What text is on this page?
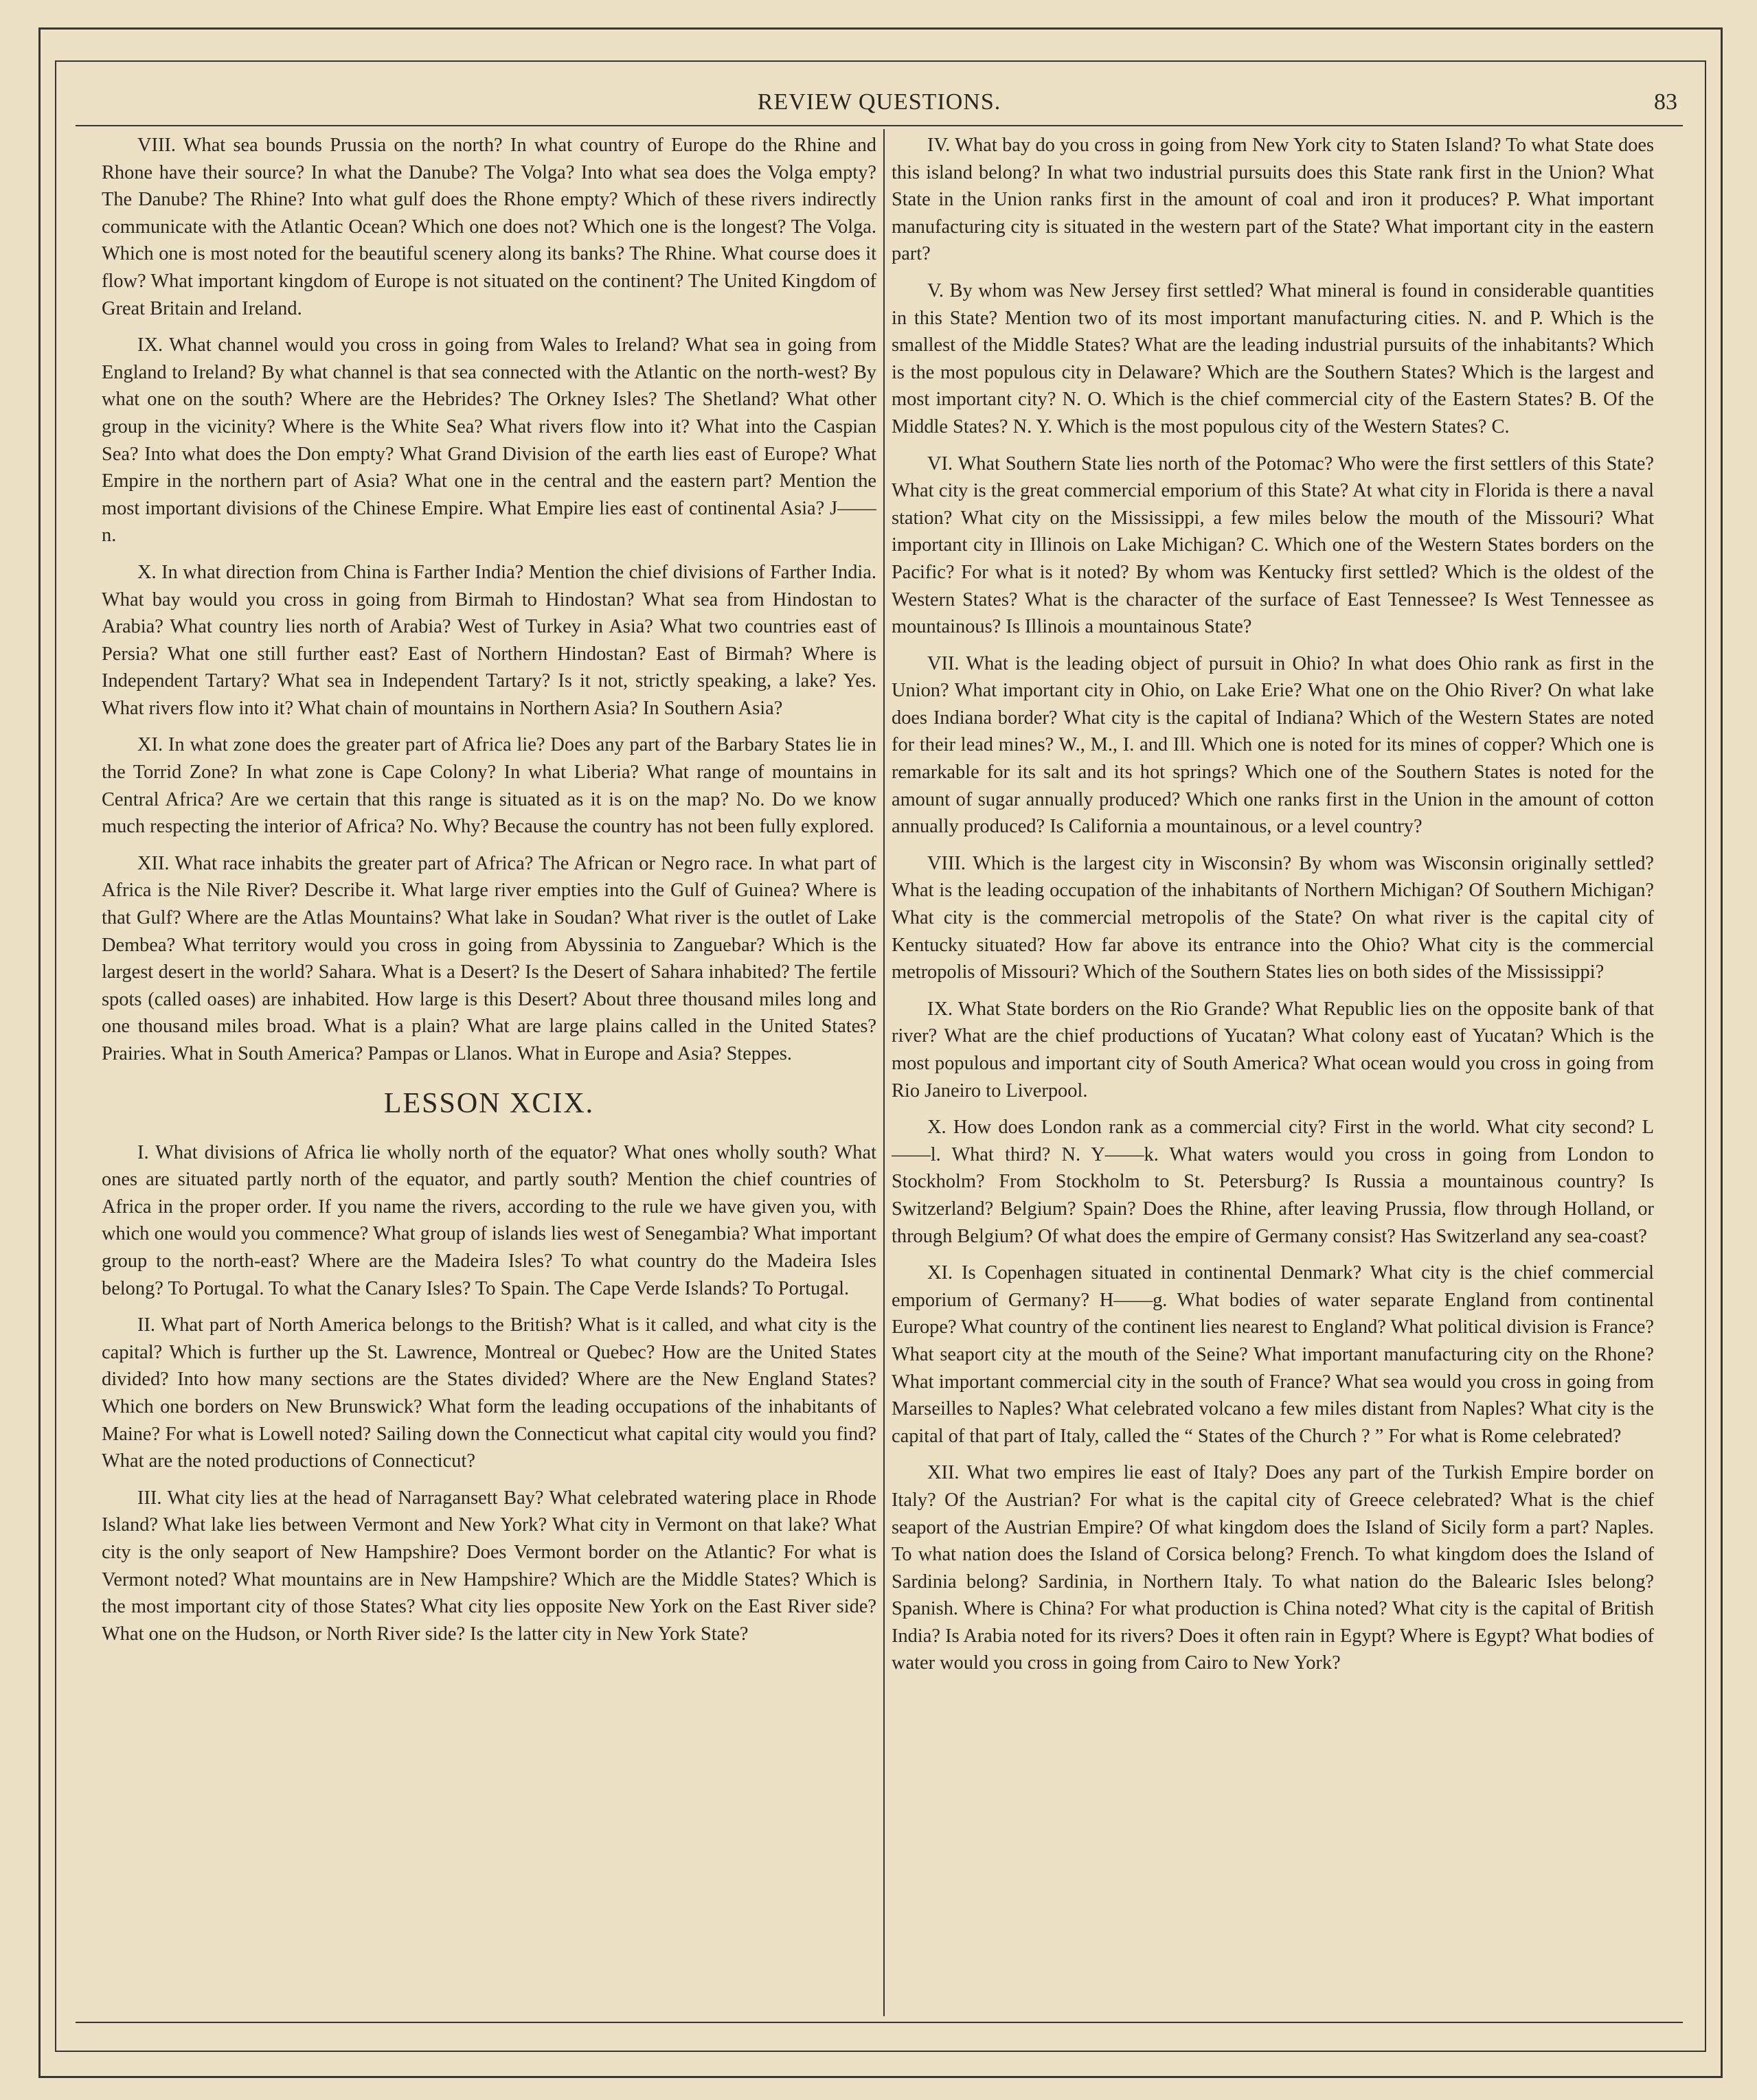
REVIEW QUESTIONS.	83

VIII. What sea bounds Prussia on the north? In what country of Europe do the Rhine and Rhone have their source? In what the Danube? The Volga? Into what sea does the Volga empty? The Danube? The Rhine? Into what gulf does the Rhone empty? Which of these rivers indirectly communicate with the Atlantic Ocean? Which one does not? Which one is the longest? The Volga. Which one is most noted for the beautiful scenery along its banks? The Rhine. What course does it flow? What important kingdom of Europe is not situated on the continent? The United Kingdom of Great Britain and Ireland.

IX. What channel would you cross in going from Wales to Ireland? What sea in going from England to Ireland? By what channel is that sea connected with the Atlantic on the north-west? By what one on the south? Where are the Hebrides? The Orkney Isles? The Shetland? What other group in the vicinity? Where is the White Sea? What rivers flow into it? What into the Caspian Sea? Into what does the Don empty? What Grand Division of the earth lies east of Europe? What Empire in the northern part of Asia? What one in the central and the eastern part? Mention the most important divisions of the Chinese Empire. What Empire lies east of continental Asia? J——n.

X. In what direction from China is Farther India? Mention the chief divisions of Farther India. What bay would you cross in going from Birmah to Hindostan? What sea from Hindostan to Arabia? What country lies north of Arabia? West of Turkey in Asia? What two countries east of Persia? What one still further east? East of Northern Hindostan? East of Birmah? Where is Independent Tartary? What sea in Independent Tartary? Is it not, strictly speaking, a lake? Yes. What rivers flow into it? What chain of mountains in Northern Asia? In Southern Asia?

XI. In what zone does the greater part of Africa lie? Does any part of the Barbary States lie in the Torrid Zone? In what zone is Cape Colony? In what Liberia? What range of mountains in Central Africa? Are we certain that this range is situated as it is on the map? No. Do we know much respecting the interior of Africa? No. Why? Because the country has not been fully explored.

XII. What race inhabits the greater part of Africa? The African or Negro race. In what part of Africa is the Nile River? Describe it. What large river empties into the Gulf of Guinea? Where is that Gulf? Where are the Atlas Mountains? What lake in Soudan? What river is the outlet of Lake Dembea? What territory would you cross in going from Abyssinia to Zanguebar? Which is the largest desert in the world? Sahara. What is a Desert? Is the Desert of Sahara inhabited? The fertile spots (called oases) are inhabited. How large is this Desert? About three thousand miles long and one thousand miles broad. What is a plain? What are large plains called in the United States? Prairies. What in South America? Pampas or Llanos. What in Europe and Asia? Steppes.

LESSON XCIX.

I. What divisions of Africa lie wholly north of the equator? What ones wholly south? What ones are situated partly north of the equator, and partly south? Mention the chief countries of Africa in the proper order. If you name the rivers, according to the rule we have given you, with which one would you commence? What group of islands lies west of Senegambia? What important group to the north-east? Where are the Madeira Isles? To what country do the Madeira Isles belong? To Portugal. To what the Canary Isles? To Spain. The Cape Verde Islands? To Portugal.

II. What part of North America belongs to the British? What is it called, and what city is the capital? Which is further up the St. Lawrence, Montreal or Quebec? How are the United States divided? Into how many sections are the States divided? Where are the New England States? Which one borders on New Brunswick? What form the leading occupations of the inhabitants of Maine? For what is Lowell noted? Sailing down the Connecticut what capital city would you find? What are the noted productions of Connecticut?

III. What city lies at the head of Narragansett Bay? What celebrated watering place in Rhode Island? What lake lies between Vermont and New York? What city in Vermont on that lake? What city is the only seaport of New Hampshire? Does Vermont border on the Atlantic? For what is Vermont noted? What mountains are in New Hampshire? Which are the Middle States? Which is the most important city of those States? What city lies opposite New York on the East River side? What one on the Hudson, or North River side? Is the latter city in New York State?

IV. What bay do you cross in going from New York city to Staten Island? To what State does this island belong? In what two industrial pursuits does this State rank first in the Union? What State in the Union ranks first in the amount of coal and iron it produces? P. What important manufacturing city is situated in the western part of the State? What important city in the eastern part?

V. By whom was New Jersey first settled? What mineral is found in considerable quantities in this State? Mention two of its most important manufacturing cities. N. and P. Which is the smallest of the Middle States? What are the leading industrial pursuits of the inhabitants? Which is the most populous city in Delaware? Which are the Southern States? Which is the largest and most important city? N. O. Which is the chief commercial city of the Eastern States? B. Of the Middle States? N. Y. Which is the most populous city of the Western States? C.

VI. What Southern State lies north of the Potomac? Who were the first settlers of this State? What city is the great commercial emporium of this State? At what city in Florida is there a naval station? What city on the Mississippi, a few miles below the mouth of the Missouri? What important city in Illinois on Lake Michigan? C. Which one of the Western States borders on the Pacific? For what is it noted? By whom was Kentucky first settled? Which is the oldest of the Western States? What is the character of the surface of East Tennessee? Is West Tennessee as mountainous? Is Illinois a mountainous State?

VII. What is the leading object of pursuit in Ohio? In what does Ohio rank as first in the Union? What important city in Ohio, on Lake Erie? What one on the Ohio River? On what lake does Indiana border? What city is the capital of Indiana? Which of the Western States are noted for their lead mines? W., M., I. and Ill. Which one is noted for its mines of copper? Which one is remarkable for its salt and its hot springs? Which one of the Southern States is noted for the amount of sugar annually produced? Which one ranks first in the Union in the amount of cotton annually produced? Is California a mountainous, or a level country?

VIII. Which is the largest city in Wisconsin? By whom was Wisconsin originally settled? What is the leading occupation of the inhabitants of Northern Michigan? Of Southern Michigan? What city is the commercial metropolis of the State? On what river is the capital city of Kentucky situated? How far above its entrance into the Ohio? What city is the commercial metropolis of Missouri? Which of the Southern States lies on both sides of the Mississippi?

IX. What State borders on the Rio Grande? What Republic lies on the opposite bank of that river? What are the chief productions of Yucatan? What colony east of Yucatan? Which is the most populous and important city of South America? What ocean would you cross in going from Rio Janeiro to Liverpool.

X. How does London rank as a commercial city? First in the world. What city second? L——l. What third? N. Y——k. What waters would you cross in going from London to Stockholm? From Stockholm to St. Petersburg? Is Russia a mountainous country? Is Switzerland? Belgium? Spain? Does the Rhine, after leaving Prussia, flow through Holland, or through Belgium? Of what does the empire of Germany consist? Has Switzerland any sea-coast?

XI. Is Copenhagen situated in continental Denmark? What city is the chief commercial emporium of Germany? H——g. What bodies of water separate England from continental Europe? What country of the continent lies nearest to England? What political division is France? What seaport city at the mouth of the Seine? What important manufacturing city on the Rhone? What important commercial city in the south of France? What sea would you cross in going from Marseilles to Naples? What celebrated volcano a few miles distant from Naples? What city is the capital of that part of Italy, called the “ States of the Church ? ” For what is Rome celebrated?

XII. What two empires lie east of Italy? Does any part of the Turkish Empire border on Italy? Of the Austrian? For what is the capital city of Greece celebrated? What is the chief seaport of the Austrian Empire? Of what kingdom does the Island of Sicily form a part? Naples. To what nation does the Island of Corsica belong? French. To what kingdom does the Island of Sardinia belong? Sardinia, in Northern Italy. To what nation do the Balearic Isles belong? Spanish. Where is China? For what production is China noted? What city is the capital of British India? Is Arabia noted for its rivers? Does it often rain in Egypt? Where is Egypt? What bodies of water would you cross in going from Cairo to New York?
